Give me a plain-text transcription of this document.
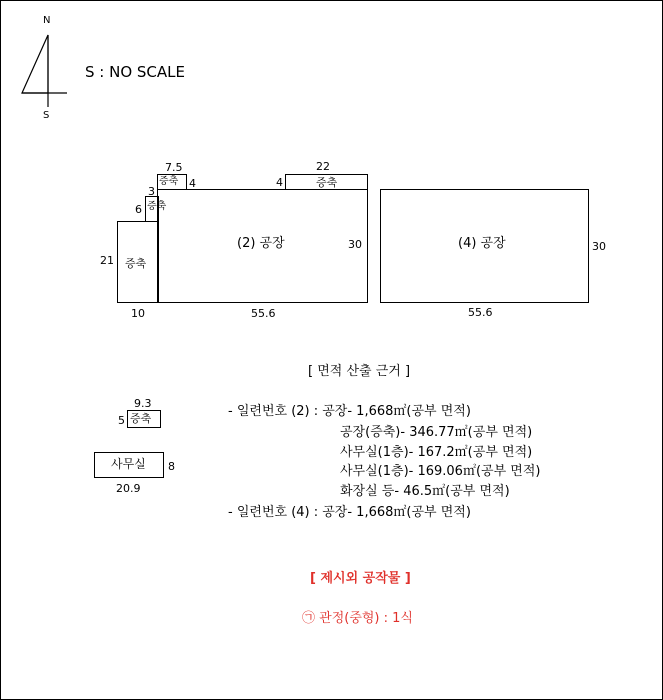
N
S
S : NO SCALE
(2) 공장	30
55.6
증축
21
10
증축
6
증축
7.5
3
4	증축
22
4
(4) 공장	30
55.6
9.3
증축
5
사무실 8
20.9
[ 면적 산출 근거 ]
- 일련번호 (2) : 공장- 1,668㎡(공부 면적)
공장(증축)- 346.77㎡(공부 면적)
사무실(1층)- 167.2㎡(공부 면적)
사무실(1층)- 169.06㎡(공부 면적)
화장실 등- 46.5㎡(공부 면적)
- 일련번호 (4) : 공장- 1,668㎡(공부 면적)
[ 제시외 공작물 ]
㉠ 관정(중형) : 1식
